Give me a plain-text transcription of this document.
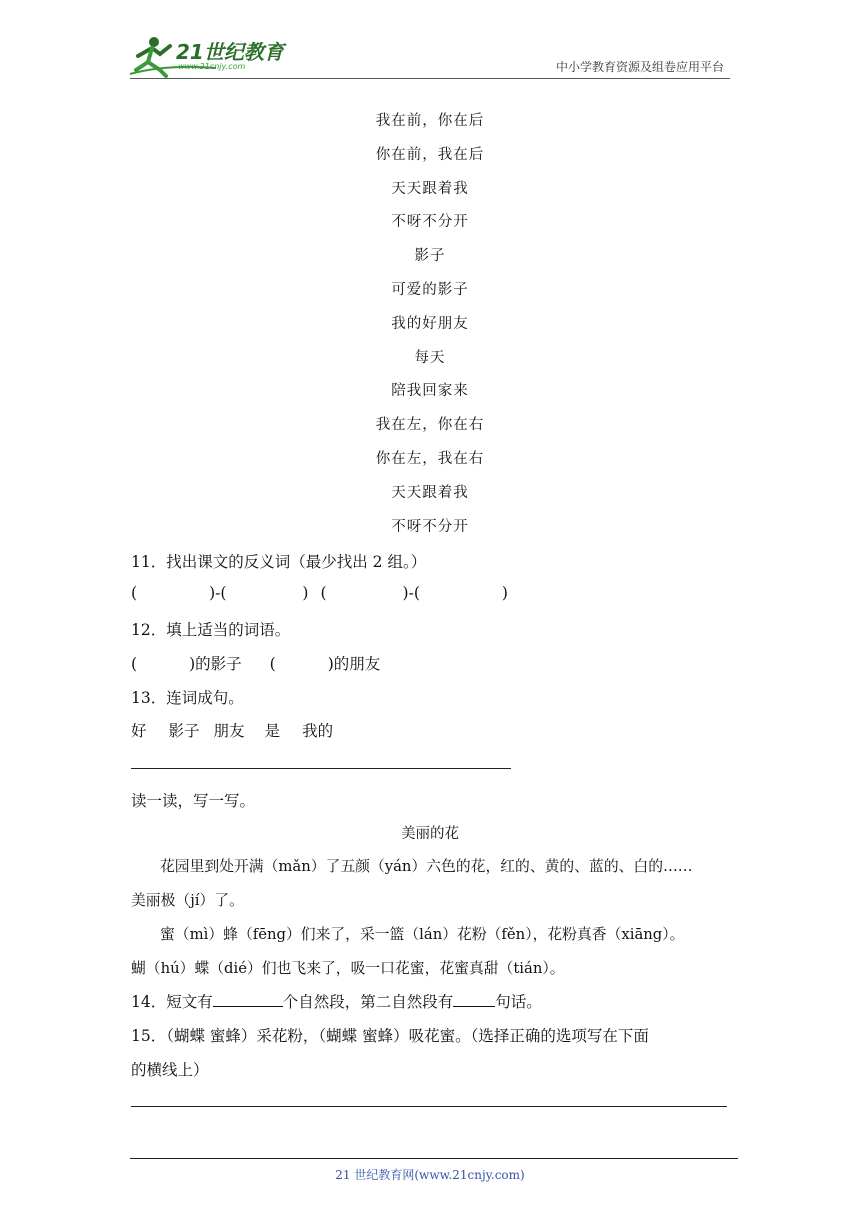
21世纪教育
www.21cnjy.com	中小学教育资源及组卷应用平台
我在前，你在后
你在前，我在后
天天跟着我
不呀不分开
影子
可爱的影子
我的好朋友
每天
陪我回家来
我在左，你在右
你在左，我在右
天天跟着我
不呀不分开
11．找出课文的反义词（最少找出 2 组。）
(	)-(	) (	)-(	)
12．填上适当的词语。
(	)的影子 (	)的朋友
13．连词成句。
好 影子 朋友 是 我的
读一读，写一写。
美丽的花
花园里到处开满（mǎn）了五颜（yán）六色的花，红的、黄的、蓝的、白的……
美丽极（jí）了。
蜜（mì）蜂（fēng）们来了，采一篮（lán）花粉（fěn），花粉真香（xiāng）。
蝴（hú）蝶（dié）们也飞来了，吸一口花蜜，花蜜真甜（tián）。
14．短文有	个自然段，第二自然段有	句话。
15．（蝴蝶 蜜蜂）采花粉，（蝴蝶 蜜蜂）吸花蜜。（选择正确的选项写在下面
的横线上）
21 世纪教育网(www.21cnjy.com)
